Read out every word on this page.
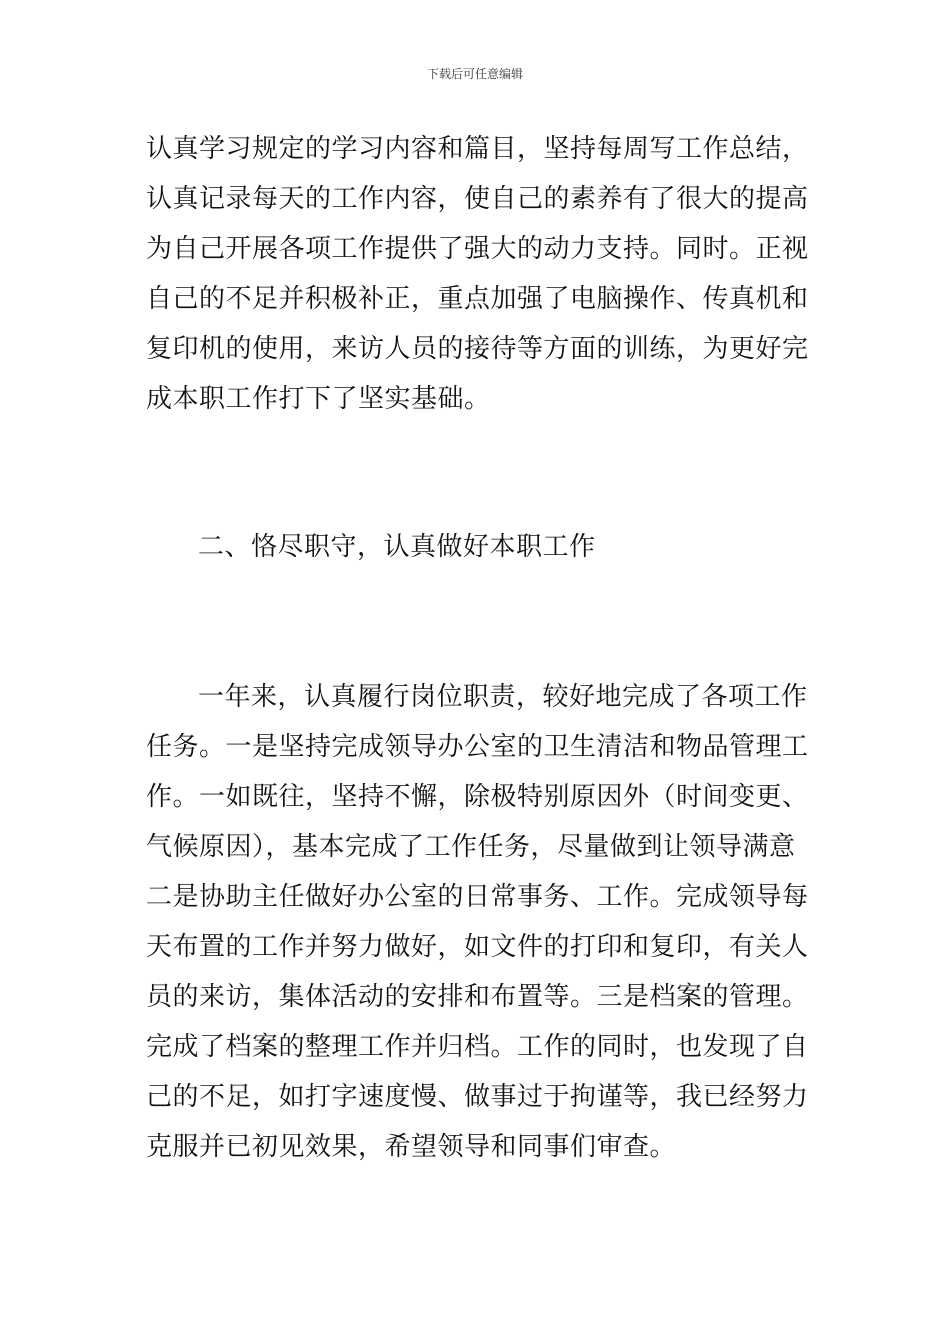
下载后可任意编辑
认真学习规定的学习内容和篇目，坚持每周写工作总结，
认真记录每天的工作内容，使自己的素养有了很大的提高
为自己开展各项工作提供了强大的动力支持。同时。正视
自己的不足并积极补正，重点加强了电脑操作、传真机和
复印机的使用，来访人员的接待等方面的训练，为更好完
成本职工作打下了坚实基础。
二、恪尽职守，认真做好本职工作
一年来，认真履行岗位职责，较好地完成了各项工作
任务。一是坚持完成领导办公室的卫生清洁和物品管理工
作。一如既往，坚持不懈，除极特别原因外（时间变更、
气候原因），基本完成了工作任务，尽量做到让领导满意
二是协助主任做好办公室的日常事务、工作。完成领导每
天布置的工作并努力做好，如文件的打印和复印，有关人
员的来访，集体活动的安排和布置等。三是档案的管理。
完成了档案的整理工作并归档。工作的同时，也发现了自
己的不足，如打字速度慢、做事过于拘谨等，我已经努力
克服并已初见效果，希望领导和同事们审查。
